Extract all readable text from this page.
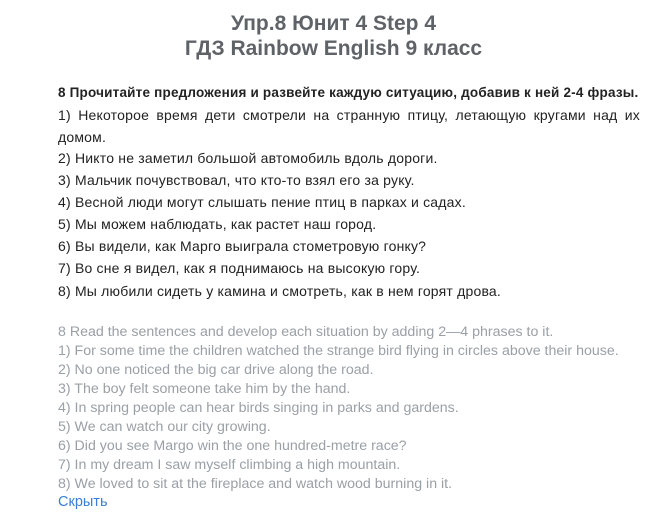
Упр.8 Юнит 4 Step 4
ГДЗ Rainbow English 9 класс
8 Прочитайте предложения и развейте каждую ситуацию, добавив к ней 2-4 фразы.
1) Некоторое время дети смотрели на странную птицу, летающую кругами над их домом.
2) Никто не заметил большой автомобиль вдоль дороги.
3) Мальчик почувствовал, что кто-то взял его за руку.
4) Весной люди могут слышать пение птиц в парках и садах.
5) Мы можем наблюдать, как растет наш город.
6) Вы видели, как Марго выиграла стометровую гонку?
7) Во сне я видел, как я поднимаюсь на высокую гору.
8) Мы любили сидеть у камина и смотреть, как в нем горят дрова.
8 Read the sentences and develop each situation by adding 2—4 phrases to it.
1) For some time the children watched the strange bird flying in circles above their house.
2) No one noticed the big car drive along the road.
3) The boy felt someone take him by the hand.
4) In spring people can hear birds singing in parks and gardens.
5) We can watch our city growing.
6) Did you see Margo win the one hundred-metre race?
7) In my dream I saw myself climbing a high mountain.
8) We loved to sit at the fireplace and watch wood burning in it.
Скрыть
